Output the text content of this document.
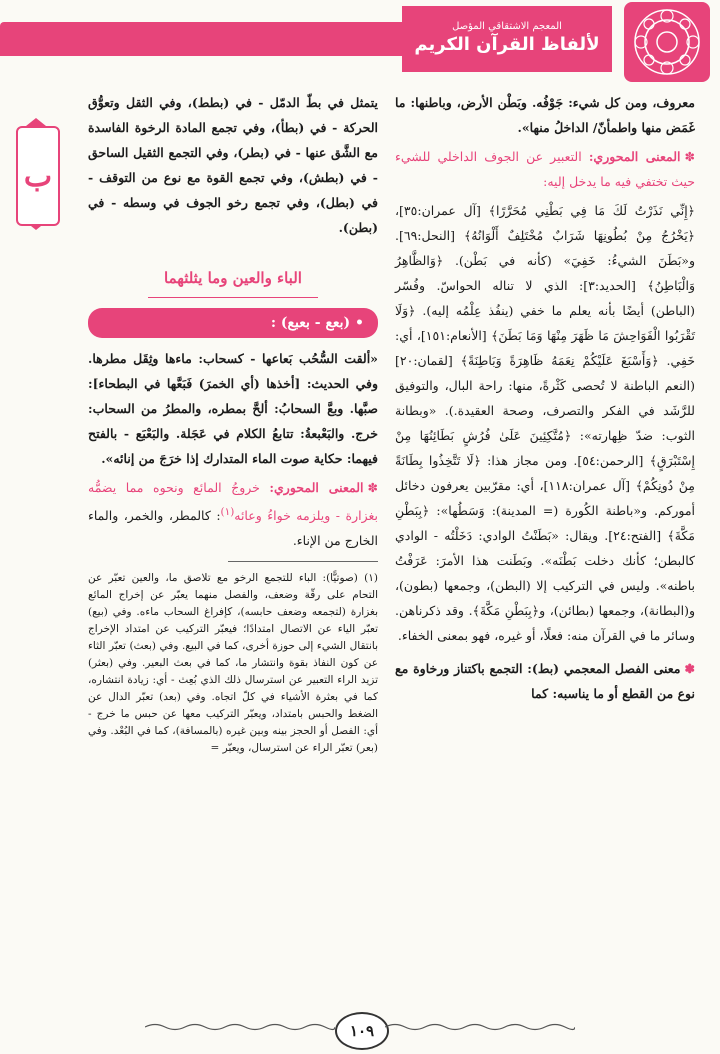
المعجم الاشتقاقي المؤصل
لألفاظ القرآن الكريم
ب

معروف، ومن كل شيء: جَوْفُه. وبَطْن الأرض، وباطنها: ما غَمَض منها واطمأنّ/ الداخلُ منها».

✽المعنى المحوري: التعبير عن الجوف الداخلي للشيء حيث تختفي فيه ما يدخل إليه:

﴿إِنِّي نَذَرْتُ لَكَ مَا فِي بَطْنِي مُحَرَّرًا﴾ [آل عمران:٣٥]، ﴿يَخْرُجُ مِنْ بُطُونِهَا شَرَابٌ مُخْتَلِفٌ أَلْوَانُهُ﴾ [النحل:٦٩]. و«بَطَنَ الشيءُ: خَفِيَ» (كأنه في بَطْن). ﴿وَالظَّاهِرُ وَالْبَاطِنُ﴾ [الحديد:٣]: الذي لا تناله الحواسّ. وفُسّر (الباطن) أيضًا بأنه يعلم ما خفي (ينفُذ عِلْمُه إليه). ﴿وَلَا تَقْرَبُوا الْفَوَاحِشَ مَا ظَهَرَ مِنْهَا وَمَا بَطَنَ﴾ [الأنعام:١٥١]، أي: خَفِي. ﴿وَأَسْبَغَ عَلَيْكُمْ نِعَمَهُ ظَاهِرَةً وَبَاطِنَةً﴾ [لقمان:٢٠] (النعم الباطنة لا تُحصى كَثْرةً، منها: راحة البال، والتوفيق للرَّشَد في الفكر والتصرف، وصحة العقيدة.). «وبطانة الثوب: ضدّ ظِهارته»: ﴿مُتَّكِئِينَ عَلَىٰ فُرُشٍ بَطَائِنُهَا مِنْ إِسْتَبْرَقٍ﴾ [الرحمن:٥٤]. ومن مجاز هذا: ﴿لَا تَتَّخِذُوا بِطَانَةً مِنْ دُونِكُمْ﴾ [آل عمران:١١٨]، أي: مقرّبين يعرفون دخائل أموركم. و«باطنة الكُورة (= المدينة): وَسَطُها»: ﴿بِبَطْنِ مَكَّةَ﴾ [الفتح:٢٤]. ويقال: «بَطَنْتُ الوادي: دَخَلْتُه - الوادي كالبطن؛ كأنك دخلت بَطْنَه». وبَطَنت هذا الأمرَ: عَرَفْتُ باطنه». وليس في التركيب إلا (البطن)، وجمعها (بطون)، و(البطانة)، وجمعها (بطائن)، و﴿بِبَطْنِ مَكَّةَ﴾. وقد ذكرناهن. وسائر ما في القرآن منه: فعلًا، أو غيره، فهو بمعنى الخفاء.

✽معنى الفصل المعجمي (بط): التجمع باكتناز ورخاوة مع نوع من القطع أو ما يناسبه: كما

يتمثل في بطّ الدمّل - في (بطط)، وفي الثقل وتعوُّق الحركة - في (بطأ)، وفي تجمع المادة الرخوة الفاسدة مع الشَّق عنها - في (بطر)، وفي التجمع الثقيل الساحق - في (بطش)، وفي تجمع القوة مع نوع من التوقف - في (بطل)، وفي تجمع رخو الجوف في وسطه - في (بطن).

الباء والعين وما يثلثهما
• (بعع - بعبع) :

«ألقت السُّحُب بَعاعها - كسحاب: ماءها وثِقَل مطرها. وفي الحديث: [أخذها (أي الخمرَ) فَبَعَّها في البطحاء]: صبَّها. وبعَّ السحابُ: ألحَّ بمطره، والمطرُ من السحاب: خرج. والبَعْبعةُ: تتابعُ الكلام في عَجَلة. والبَعْبَع - بالفتح فيهما: حكاية صوت الماء المتدارك إذا خرَجَ من إنائه».

✽المعنى المحوري: خروجُ المائع ونحوه مما يضمُّه بغزارة - ويلزمه خواءُ وعائه$^{(١)}$: كالمطر، والخمر، والماء الخارج من الإناء.

(١) (صوتيًّا): الباء للتجمع الرخو مع تلاصق ما، والعين تعبّر عن التحام على رقّة وضعف، والفصل منهما يعبّر عن إخراج المائع بغزارة (لتجمعه وضعف حابسه)، كإفراغ السحاب ماءه. وفي (بيع) تعبّر الياء عن الاتصال امتدادًا؛ فيعبّر التركيب عن امتداد الإخراج بانتقال الشيء إلى حوزة أخرى، كما في البيع. وفي (بعث) تعبّر الثاء عن كون النفاذ بقوة وانتشار ما، كما في بعث البعير. وفي (بعثر) تزيد الراء التعبير عن استرسال ذلك الذي بُعِث - أي: زيادة انتشاره، كما في بعثرة الأشياء في كلّ اتجاه. وفي (بعد) تعبّر الدال عن الضغط والحبس بامتداد، ويعبّر التركيب معها عن حبس ما خرج - أي: الفصل أو الحجز بينه وبين غيره (بالمسافة)، كما في البُعْد. وفي (بعر) تعبّر الراء عن استرسال، ويعبّر =

١٠٩
